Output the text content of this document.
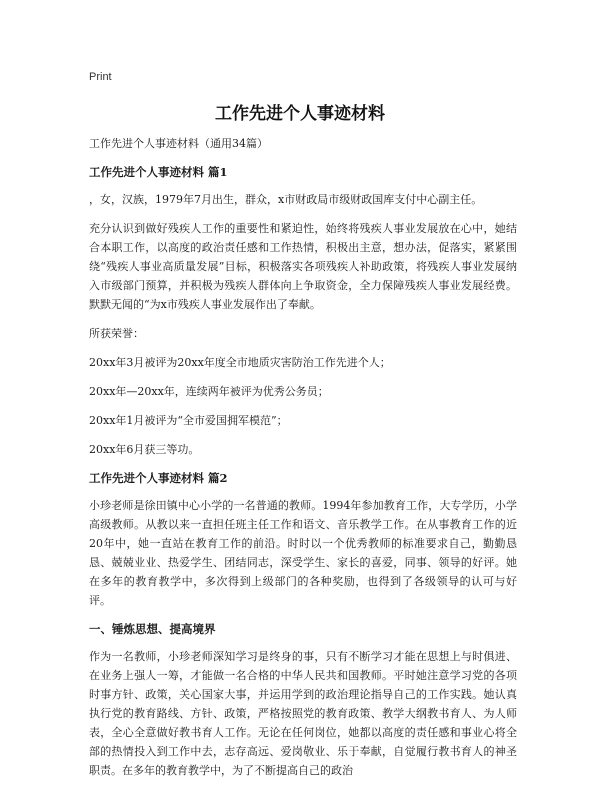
Print
工作先进个人事迹材料

工作先进个人事迹材料（通用34篇）

工作先进个人事迹材料 篇1

，女，汉族，1979年7月出生，群众，x市财政局市级财政国库支付中心副主任。

充分认识到做好残疾人工作的重要性和紧迫性，始终将残疾人事业发展放在心中，她结合本职工作，以高度的政治责任感和工作热情，积极出主意，想办法，促落实，紧紧围绕“残疾人事业高质量发展”目标，积极落实各项残疾人补助政策，将残疾人事业发展纳入市级部门预算，并积极为残疾人群体向上争取资金，全力保障残疾人事业发展经费。默默无闻的“为x市残疾人事业发展作出了奉献。

所获荣誉：

20xx年3月被评为20xx年度全市地质灾害防治工作先进个人；

20xx年—20xx年，连续两年被评为优秀公务员；

20xx年1月被评为“全市爱国拥军模范”；

20xx年6月获三等功。

工作先进个人事迹材料 篇2

小珍老师是徐田镇中心小学的一名普通的教师。1994年参加教育工作，大专学历，小学高级教师。从教以来一直担任班主任工作和语文、音乐教学工作。在从事教育工作的近20年中，她一直站在教育工作的前沿。时时以一个优秀教师的标准要求自己，勤勤恳恳、兢兢业业、热爱学生、团结同志，深受学生、家长的喜爱，同事、领导的好评。她在多年的教育教学中，多次得到上级部门的各种奖励，也得到了各级领导的认可与好评。

一、锤炼思想、提高境界

作为一名教师，小珍老师深知学习是终身的事，只有不断学习才能在思想上与时俱进、在业务上强人一筹，才能做一名合格的中华人民共和国教师。平时她注意学习党的各项时事方针、政策，关心国家大事，并运用学到的政治理论指导自己的工作实践。她认真执行党的教育路线、方针、政策，严格按照党的教育政策、教学大纲教书育人、为人师表，全心全意做好教书育人工作。无论在任何岗位，她都以高度的责任感和事业心将全部的热情投入到工作中去，志存高远、爱岗敬业、乐于奉献，自觉履行教书育人的神圣职责。在多年的教育教学中，为了不断提高自己的政治
